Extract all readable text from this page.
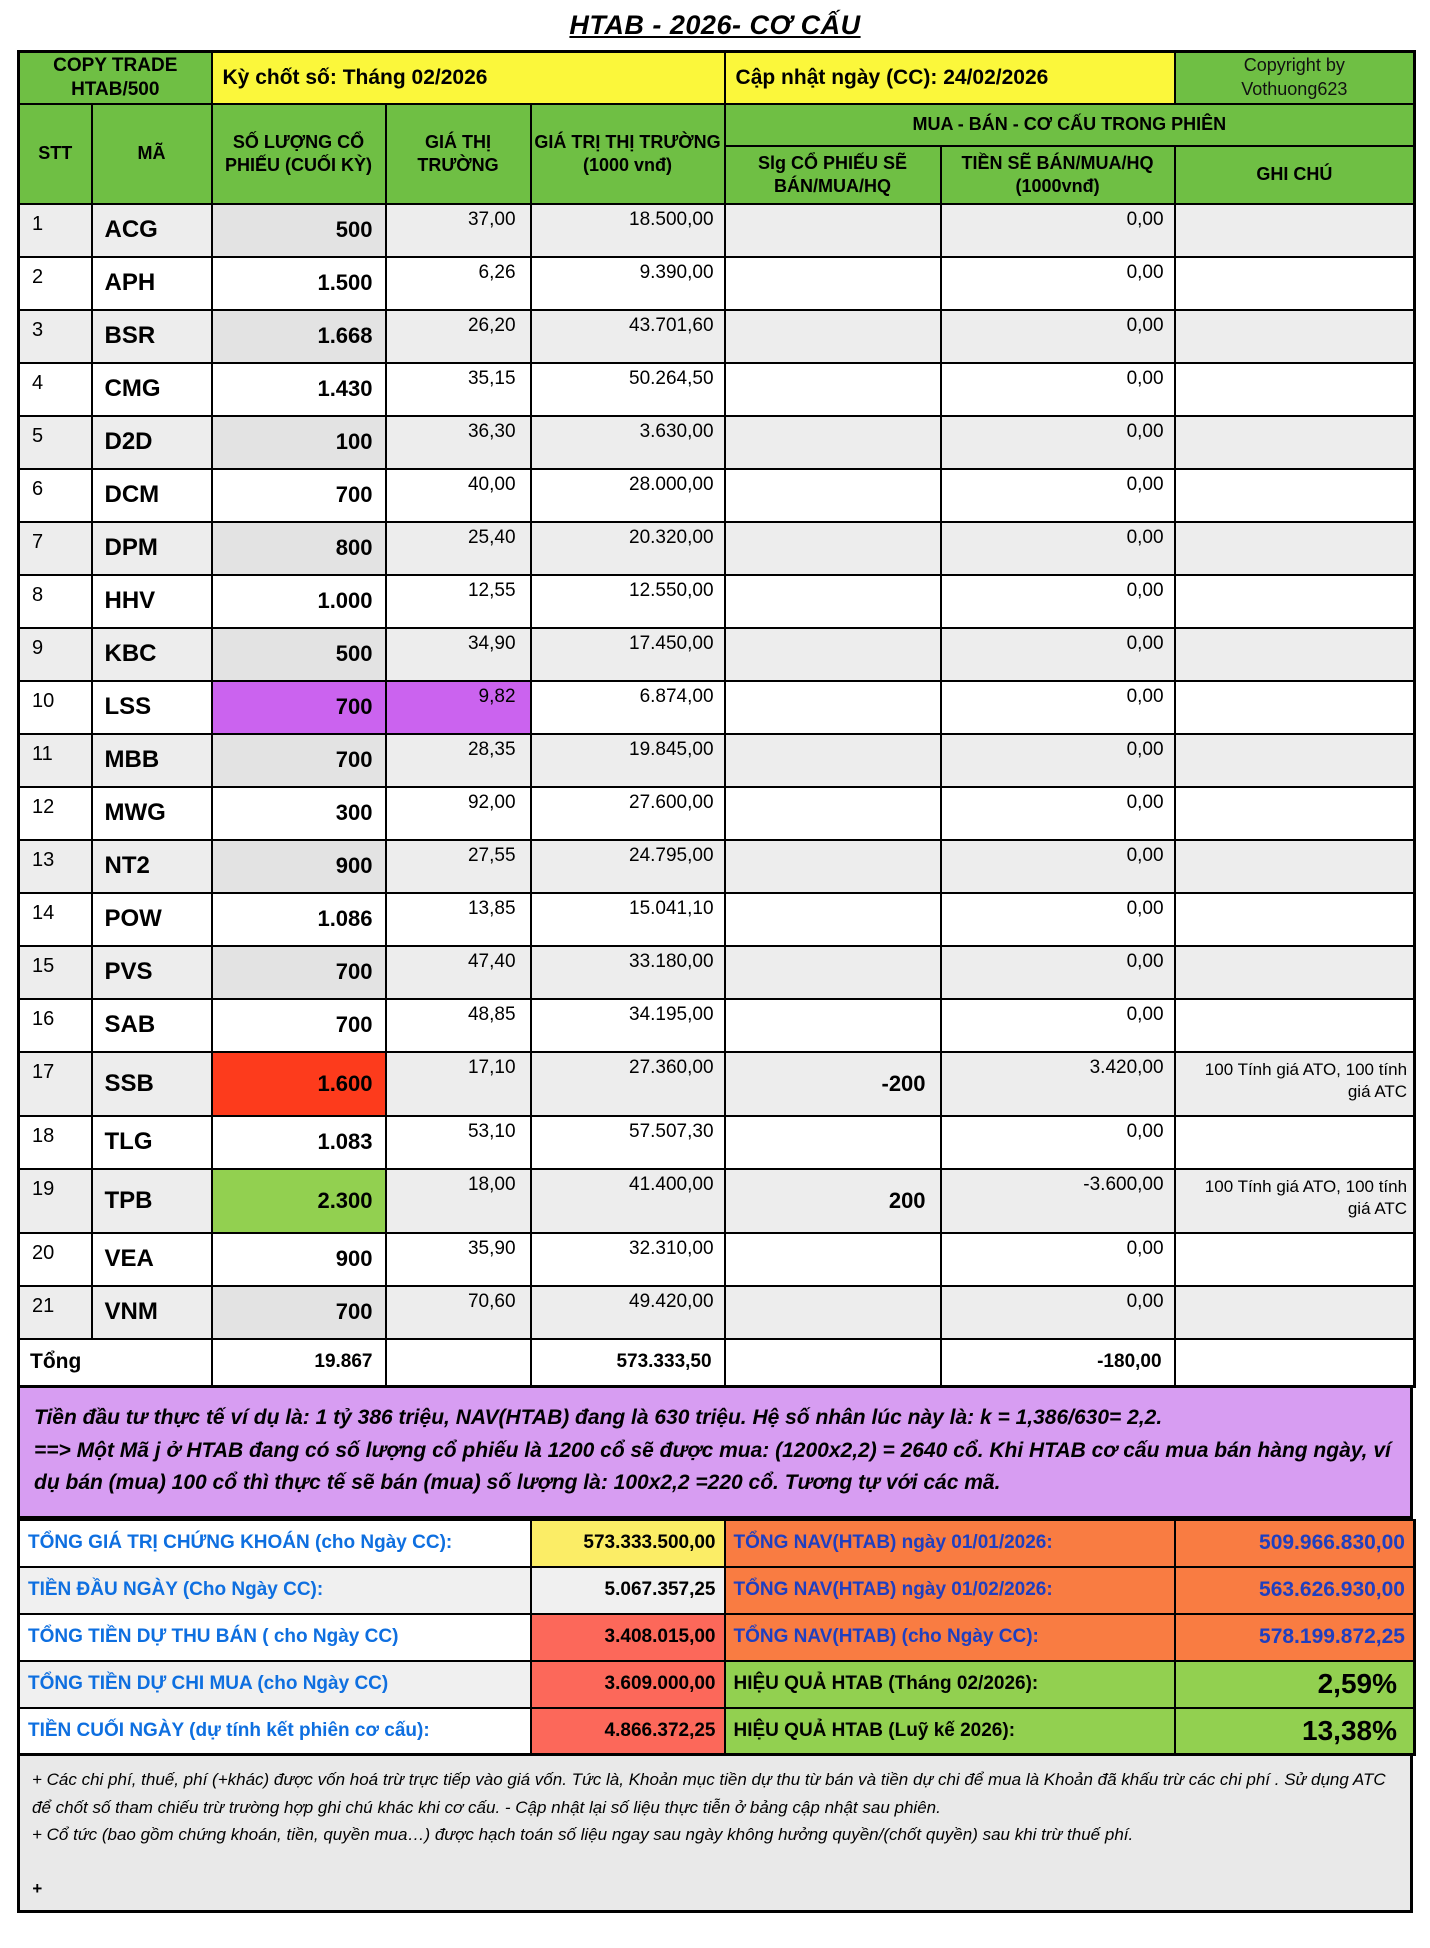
HTAB - 2026- CƠ CẤU
COPY TRADE
HTAB/500
	Kỳ chốt số: Tháng 02/2026	Cập nhật ngày (CC): 24/02/2026	
Copyright by
Vothuong623

STT	MÃ	SỐ LƯỢNG CỔ PHIẾU (CUỐI KỲ)	GIÁ THỊ TRƯỜNG	GIÁ TRỊ THỊ TRƯỜNG (1000 vnđ)	MUA - BÁN - CƠ CẤU TRONG PHIÊN		
					Slg CỔ PHIẾU SẼ BÁN/MUA/HQ	TIỀN SẼ BÁN/MUA/HQ (1000vnđ)	GHI CHÚ
1	ACG	500	37,00	18.500,00		0,00	
2	APH	1.500	6,26	9.390,00		0,00	
3	BSR	1.668	26,20	43.701,60		0,00	
4	CMG	1.430	35,15	50.264,50		0,00	
5	D2D	100	36,30	3.630,00		0,00	
6	DCM	700	40,00	28.000,00		0,00	
7	DPM	800	25,40	20.320,00		0,00	
8	HHV	1.000	12,55	12.550,00		0,00	
9	KBC	500	34,90	17.450,00		0,00	
10	LSS	700	9,82	6.874,00		0,00	
11	MBB	700	28,35	19.845,00		0,00	
12	MWG	300	92,00	27.600,00		0,00	
13	NT2	900	27,55	24.795,00		0,00	
14	POW	1.086	13,85	15.041,10		0,00	
15	PVS	700	47,40	33.180,00		0,00	
16	SAB	700	48,85	34.195,00		0,00	
17	SSB	1.600	17,10	27.360,00	-200	3.420,00	100 Tính giá ATO, 100 tính giá ATC
18	TLG	1.083	53,10	57.507,30		0,00	
19	TPB	2.300	18,00	41.400,00	200	-3.600,00	100 Tính giá ATO, 100 tính giá ATC
20	VEA	900	35,90	32.310,00		0,00	
21	VNM	700	70,60	49.420,00		0,00	
Tổng		19.867		573.333,50		-180,00	

Tiền đầu tư thực tế ví dụ là: 1 tỷ 386 triệu, NAV(HTAB) đang là 630 triệu. Hệ số nhân lúc này là: k = 1,386/630= 2,2.

==> Một Mã j ở HTAB đang có số lượng cổ phiếu là 1200 cổ sẽ được mua: (1200x2,2) = 2640 cổ. Khi HTAB cơ cấu mua bán hàng ngày, ví dụ bán (mua) 100 cổ thì thực tế sẽ bán (mua) số lượng là: 100x2,2 =220 cổ. Tương tự với các mã.

TỔNG GIÁ TRỊ CHỨNG KHOÁN (cho Ngày CC):	573.333.500,00	TỔNG NAV(HTAB) ngày 01/01/2026:	509.966.830,00
TIỀN ĐẦU NGÀY (Cho Ngày CC):	5.067.357,25	TỔNG NAV(HTAB) ngày 01/02/2026:	563.626.930,00
TỔNG TIỀN DỰ THU BÁN ( cho Ngày CC)	3.408.015,00	TỔNG NAV(HTAB) (cho Ngày CC):	578.199.872,25
TỔNG TIỀN DỰ CHI MUA (cho Ngày CC)	3.609.000,00	HIỆU QUẢ HTAB (Tháng 02/2026):	2,59%
TIỀN CUỐI NGÀY (dự tính kết phiên cơ cấu):	4.866.372,25	HIỆU QUẢ HTAB (Luỹ kế 2026):	13,38%

+ Các chi phí, thuế, phí (+khác) được vốn hoá trừ trực tiếp vào giá vốn. Tức là, Khoản mục tiền dự thu từ bán và tiền dự chi để mua là Khoản đã khấu trừ các chi phí . Sử dụng ATC để chốt số tham chiếu trừ trường hợp ghi chú khác khi cơ cấu. - Cập nhật lại số liệu thực tiễn ở bảng cập nhật sau phiên.

+ Cổ tức (bao gồm chứng khoán, tiền, quyền mua…) được hạch toán số liệu ngay sau ngày không hưởng quyền/(chốt quyền) sau khi trừ thuế phí.

+
